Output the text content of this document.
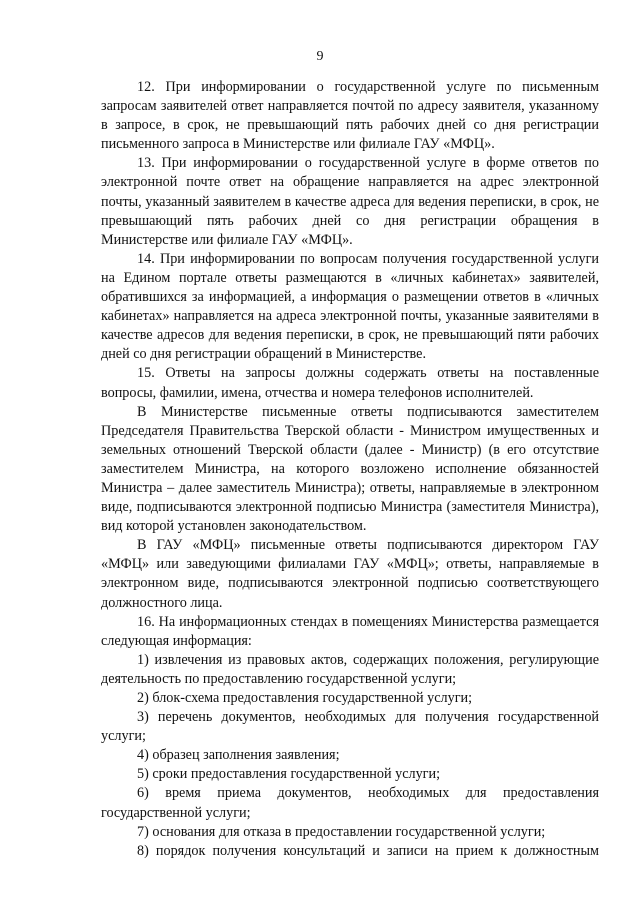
9

12. При информировании о государственной услуге по письменным запросам заявителей ответ направляется почтой по адресу заявителя, указанному в запросе, в срок, не превышающий пять рабочих дней со дня регистрации письменного запроса в Министерстве или филиале ГАУ «МФЦ».

13. При информировании о государственной услуге в форме ответов по электронной почте ответ на обращение направляется на адрес электронной почты, указанный заявителем в качестве адреса для ведения переписки, в срок, не превышающий пять рабочих дней со дня регистрации обращения в Министерстве или филиале ГАУ «МФЦ».

14. При информировании по вопросам получения государственной услуги на Едином портале ответы размещаются в «личных кабинетах» заявителей, обратившихся за информацией, а информация о размещении ответов в «личных кабинетах» направляется на адреса электронной почты, указанные заявителями в качестве адресов для ведения переписки, в срок, не превышающий пяти рабочих дней со дня регистрации обращений в Министерстве.

15. Ответы на запросы должны содержать ответы на поставленные вопросы, фамилии, имена, отчества и номера телефонов исполнителей.

В Министерстве письменные ответы подписываются заместителем Председателя Правительства Тверской области - Министром имущественных и земельных отношений Тверской области (далее - Министр) (в его отсутствие заместителем Министра, на которого возложено исполнение обязанностей Министра – далее заместитель Министра); ответы, направляемые в электронном виде, подписываются электронной подписью Министра (заместителя Министра), вид которой установлен законодательством.

В ГАУ «МФЦ» письменные ответы подписываются директором ГАУ «МФЦ» или заведующими филиалами ГАУ «МФЦ»; ответы, направляемые в электронном виде, подписываются электронной подписью соответствующего должностного лица.

16. На информационных стендах в помещениях Министерства размещается следующая информация:

1) извлечения из правовых актов, содержащих положения, регулирующие деятельность по предоставлению государственной услуги;

2) блок-схема предоставления государственной услуги;

3) перечень документов, необходимых для получения государственной услуги;

4) образец заполнения заявления;

5) сроки предоставления государственной услуги;

6) время приема документов, необходимых для предоставления государственной услуги;

7) основания для отказа в предоставлении государственной услуги;

8) порядок получения консультаций и записи на прием к должностным
